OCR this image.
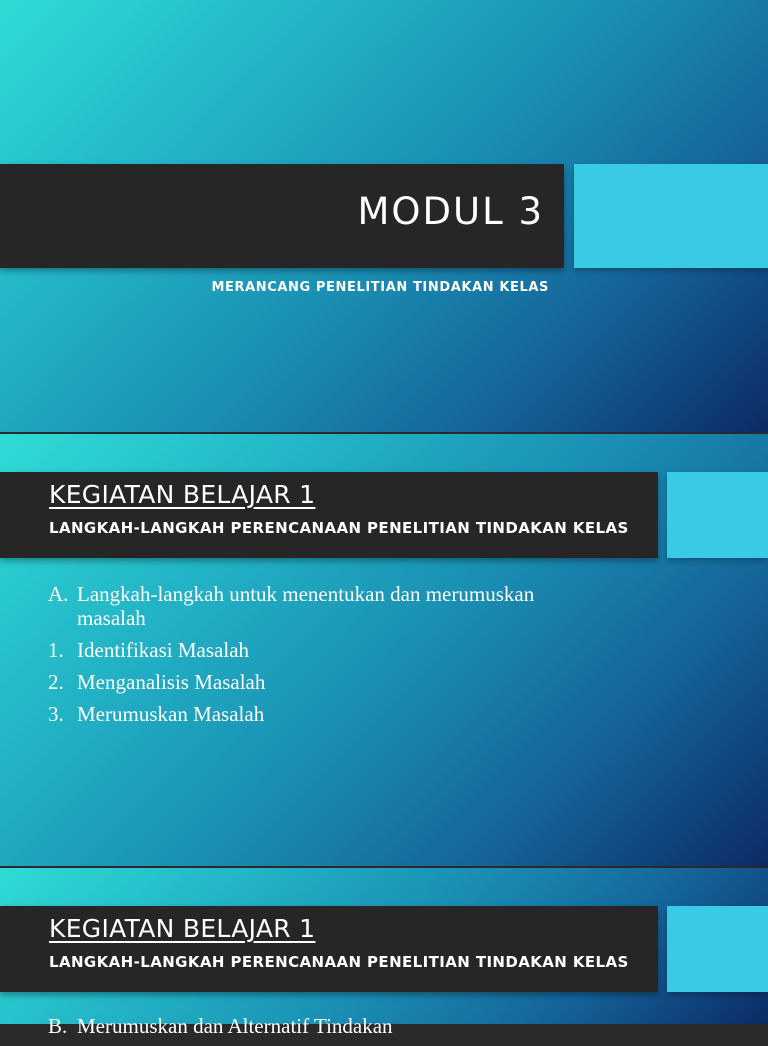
MODUL 3

MERANCANG PENELITIAN TINDAKAN KELAS

KEGIATAN BELAJAR 1

LANGKAH-LANGKAH PERENCANAAN PENELITIAN TINDAKAN KELAS

A. Langkah-langkah untuk menentukan dan merumuskan masalah
1. Identifikasi Masalah
2. Menganalisis Masalah
3. Merumuskan Masalah
KEGIATAN BELAJAR 1

LANGKAH-LANGKAH PERENCANAAN PENELITIAN TINDAKAN KELAS

B. Merumuskan dan Alternatif Tindakan
